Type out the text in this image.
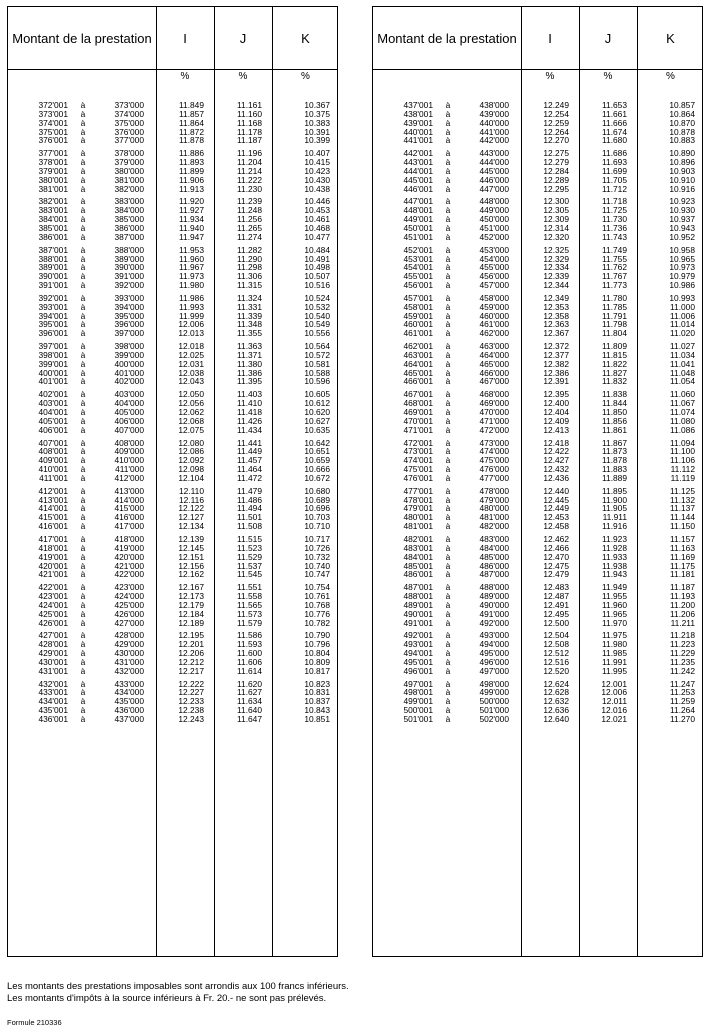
Montant de la prestation	I	J	K
%	%	%
372'001	à	373'000	11.849	11.161	10.367
373'001	à	374'000	11.857	11.160	10.375
374'001	à	375'000	11.864	11.168	10.383
375'001	à	376'000	11.872	11.178	10.391
376'001	à	377'000	11.878	11.187	10.399
377'001	à	378'000	11.886	11.196	10.407
378'001	à	379'000	11.893	11.204	10.415
379'001	à	380'000	11.899	11.214	10.423
380'001	à	381'000	11.906	11.222	10.430
381'001	à	382'000	11.913	11.230	10.438
382'001	à	383'000	11.920	11.239	10.446
383'001	à	384'000	11.927	11.248	10.453
384'001	à	385'000	11.934	11.256	10.461
385'001	à	386'000	11.940	11.265	10.468
386'001	à	387'000	11.947	11.274	10.477
387'001	à	388'000	11.953	11.282	10.484
388'001	à	389'000	11.960	11.290	10.491
389'001	à	390'000	11.967	11.298	10.498
390'001	à	391'000	11.973	11.306	10.507
391'001	à	392'000	11.980	11.315	10.516
392'001	à	393'000	11.986	11.324	10.524
393'001	à	394'000	11.993	11.331	10.532
394'001	à	395'000	11.999	11.339	10.540
395'001	à	396'000	12.006	11.348	10.549
396'001	à	397'000	12.013	11.355	10.556
397'001	à	398'000	12.018	11.363	10.564
398'001	à	399'000	12.025	11.371	10.572
399'001	à	400'000	12.031	11.380	10.581
400'001	à	401'000	12.038	11.386	10.588
401'001	à	402'000	12.043	11.395	10.596
402'001	à	403'000	12.050	11.403	10.605
403'001	à	404'000	12.056	11.410	10.612
404'001	à	405'000	12.062	11.418	10.620
405'001	à	406'000	12.068	11.426	10.627
406'001	à	407'000	12.075	11.434	10.635
407'001	à	408'000	12.080	11.441	10.642
408'001	à	409'000	12.086	11.449	10.651
409'001	à	410'000	12.092	11.457	10.659
410'001	à	411'000	12.098	11.464	10.666
411'001	à	412'000	12.104	11.472	10.672
412'001	à	413'000	12.110	11.479	10.680
413'001	à	414'000	12.116	11.486	10.689
414'001	à	415'000	12.122	11.494	10.696
415'001	à	416'000	12.127	11.501	10.703
416'001	à	417'000	12.134	11.508	10.710
417'001	à	418'000	12.139	11.515	10.717
418'001	à	419'000	12.145	11.523	10.726
419'001	à	420'000	12.151	11.529	10.732
420'001	à	421'000	12.156	11.537	10.740
421'001	à	422'000	12.162	11.545	10.747
422'001	à	423'000	12.167	11.551	10.754
423'001	à	424'000	12.173	11.558	10.761
424'001	à	425'000	12.179	11.565	10.768
425'001	à	426'000	12.184	11.573	10.776
426'001	à	427'000	12.189	11.579	10.782
427'001	à	428'000	12.195	11.586	10.790
428'001	à	429'000	12.201	11.593	10.796
429'001	à	430'000	12.206	11.600	10.804
430'001	à	431'000	12.212	11.606	10.809
431'001	à	432'000	12.217	11.614	10.817
432'001	à	433'000	12.222	11.620	10.823
433'001	à	434'000	12.227	11.627	10.831
434'001	à	435'000	12.233	11.634	10.837
435'001	à	436'000	12.238	11.640	10.843
436'001	à	437'000	12.243	11.647	10.851
Montant de la prestation	I	J	K
%	%	%
437'001	à	438'000	12.249	11.653	10.857
438'001	à	439'000	12.254	11.661	10.864
439'001	à	440'000	12.259	11.666	10.870
440'001	à	441'000	12.264	11.674	10.878
441'001	à	442'000	12.270	11.680	10.883
442'001	à	443'000	12.275	11.686	10.890
443'001	à	444'000	12.279	11.693	10.896
444'001	à	445'000	12.284	11.699	10.903
445'001	à	446'000	12.289	11.705	10.910
446'001	à	447'000	12.295	11.712	10.916
447'001	à	448'000	12.300	11.718	10.923
448'001	à	449'000	12.305	11.725	10.930
449'001	à	450'000	12.309	11.730	10.937
450'001	à	451'000	12.314	11.736	10.943
451'001	à	452'000	12.320	11.743	10.952
452'001	à	453'000	12.325	11.749	10.958
453'001	à	454'000	12.329	11.755	10.965
454'001	à	455'000	12.334	11.762	10.973
455'001	à	456'000	12.339	11.767	10.979
456'001	à	457'000	12.344	11.773	10.986
457'001	à	458'000	12.349	11.780	10.993
458'001	à	459'000	12.353	11.785	11.000
459'001	à	460'000	12.358	11.791	11.006
460'001	à	461'000	12.363	11.798	11.014
461'001	à	462'000	12.367	11.804	11.020
462'001	à	463'000	12.372	11.809	11.027
463'001	à	464'000	12.377	11.815	11.034
464'001	à	465'000	12.382	11.822	11.041
465'001	à	466'000	12.386	11.827	11.048
466'001	à	467'000	12.391	11.832	11.054
467'001	à	468'000	12.395	11.838	11.060
468'001	à	469'000	12.400	11.844	11.067
469'001	à	470'000	12.404	11.850	11.074
470'001	à	471'000	12.409	11.856	11.080
471'001	à	472'000	12.413	11.861	11.086
472'001	à	473'000	12.418	11.867	11.094
473'001	à	474'000	12.422	11.873	11.100
474'001	à	475'000	12.427	11.878	11.106
475'001	à	476'000	12.432	11.883	11.112
476'001	à	477'000	12.436	11.889	11.119
477'001	à	478'000	12.440	11.895	11.125
478'001	à	479'000	12.445	11.900	11.132
479'001	à	480'000	12.449	11.905	11.137
480'001	à	481'000	12.453	11.911	11.144
481'001	à	482'000	12.458	11.916	11.150
482'001	à	483'000	12.462	11.923	11.157
483'001	à	484'000	12.466	11.928	11.163
484'001	à	485'000	12.470	11.933	11.169
485'001	à	486'000	12.475	11.938	11.175
486'001	à	487'000	12.479	11.943	11.181
487'001	à	488'000	12.483	11.949	11.187
488'001	à	489'000	12.487	11.955	11.193
489'001	à	490'000	12.491	11.960	11.200
490'001	à	491'000	12.495	11.965	11.206
491'001	à	492'000	12.500	11.970	11.211
492'001	à	493'000	12.504	11.975	11.218
493'001	à	494'000	12.508	11.980	11.223
494'001	à	495'000	12.512	11.985	11.229
495'001	à	496'000	12.516	11.991	11.235
496'001	à	497'000	12.520	11.995	11.242
497'001	à	498'000	12.624	12.001	11.247
498'001	à	499'000	12.628	12.006	11.253
499'001	à	500'000	12.632	12.011	11.259
500'001	à	501'000	12.636	12.016	11.264
501'001	à	502'000	12.640	12.021	11.270
Les montants des prestations imposables sont arrondis aux 100 francs inférieurs.
Les montants d'impôts à la source inférieurs à Fr. 20.- ne sont pas prélevés.
Formule 210336
